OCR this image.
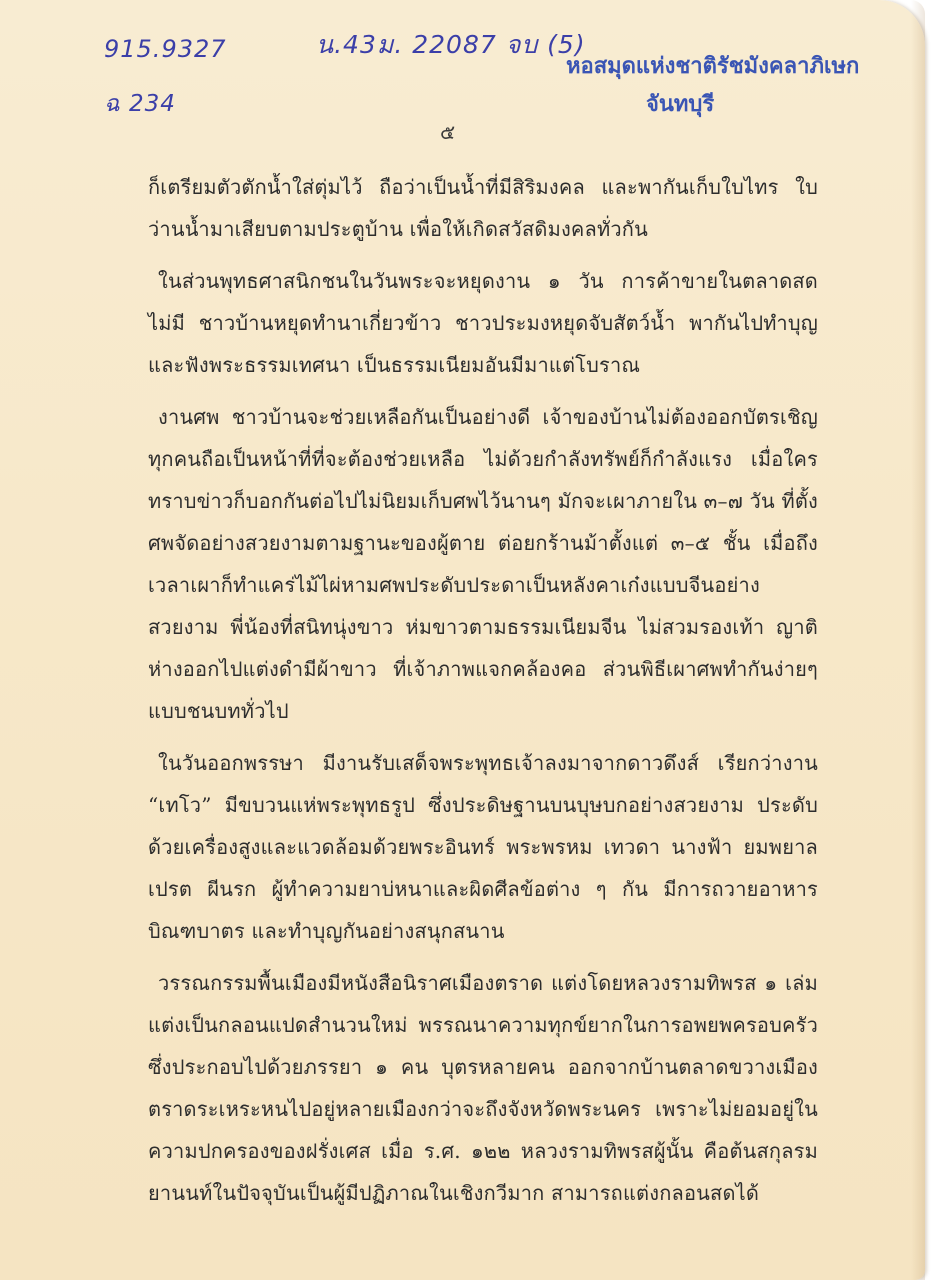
915.9327	น.43ม. 22087 จบ (5)
ฉ 234
หอสมุดแห่งชาติรัชมังคลาภิเษก
จันทบุรี
๕

ก็เตรียมตัวตักน้ำใส่ตุ่มไว้ ถือว่าเป็นน้ำที่มีสิริมงคล และพากันเก็บใบไทร ใบว่านน้ำมาเสียบตามประตูบ้าน เพื่อให้เกิดสวัสดิมงคลทั่วกัน

ในส่วนพุทธศาสนิกชนในวันพระจะหยุดงาน ๑ วัน การค้าขายในตลาดสดไม่มี ชาวบ้านหยุดทำนาเกี่ยวข้าว ชาวประมงหยุดจับสัตว์น้ำ พากันไปทำบุญและฟังพระธรรมเทศนา เป็นธรรมเนียมอันมีมาแต่โบราณ

งานศพ ชาวบ้านจะช่วยเหลือกันเป็นอย่างดี เจ้าของบ้านไม่ต้องออกบัตรเชิญ ทุกคนถือเป็นหน้าที่ที่จะต้องช่วยเหลือ ไม่ด้วยกำลังทรัพย์ก็กำลังแรง เมื่อใครทราบข่าวก็บอกกันต่อไปไม่นิยมเก็บศพไว้นานๆ มักจะเผาภายใน ๓–๗ วัน ที่ตั้งศพจัดอย่างสวยงามตามฐานะของผู้ตาย ต่อยกร้านม้าตั้งแต่ ๓–๕ ชั้น เมื่อถึงเวลาเผาก็ทำแคร่ไม้ไผ่หามศพประดับประดาเป็นหลังคาเก๋งแบบจีนอย่างสวยงาม พี่น้องที่สนิทนุ่งขาว ห่มขาวตามธรรมเนียมจีน ไม่สวมรองเท้า ญาติห่างออกไปแต่งดำมีผ้าขาว ที่เจ้าภาพแจกคล้องคอ ส่วนพิธีเผาศพทำกันง่ายๆ แบบชนบททั่วไป

ในวันออกพรรษา มีงานรับเสด็จพระพุทธเจ้าลงมาจากดาวดึงส์ เรียกว่างาน “เทโว” มีขบวนแห่พระพุทธรูป ซึ่งประดิษฐานบนบุษบกอย่างสวยงาม ประดับด้วยเครื่องสูงและแวดล้อมด้วยพระอินทร์ พระพรหม เทวดา นางฟ้า ยมพยาล เปรต ผีนรก ผู้ทำความยาบ่หนาและผิดศีลข้อต่าง ๆ กัน มีการถวายอาหารบิณฑบาตร และทำบุญกันอย่างสนุกสนาน

วรรณกรรมพื้นเมืองมีหนังสือนิราศเมืองตราด แต่งโดยหลวงรามทิพรส ๑ เล่ม แต่งเป็นกลอนแปดสำนวนใหม่ พรรณนาความทุกข์ยากในการอพยพครอบครัว ซึ่งประกอบไปด้วยภรรยา ๑ คน บุตรหลายคน ออกจากบ้านตลาดขวางเมืองตราดระเหระหนไปอยู่หลายเมืองกว่าจะถึงจังหวัดพระนคร เพราะไม่ยอมอยู่ในความปกครองของฝรั่งเศส เมื่อ ร.ศ. ๑๒๒ หลวงรามทิพรสผู้นั้น คือต้นสกุลรมยานนท์ในปัจจุบันเป็นผู้มีปฏิภาณในเชิงกวีมาก สามารถแต่งกลอนสดได้
